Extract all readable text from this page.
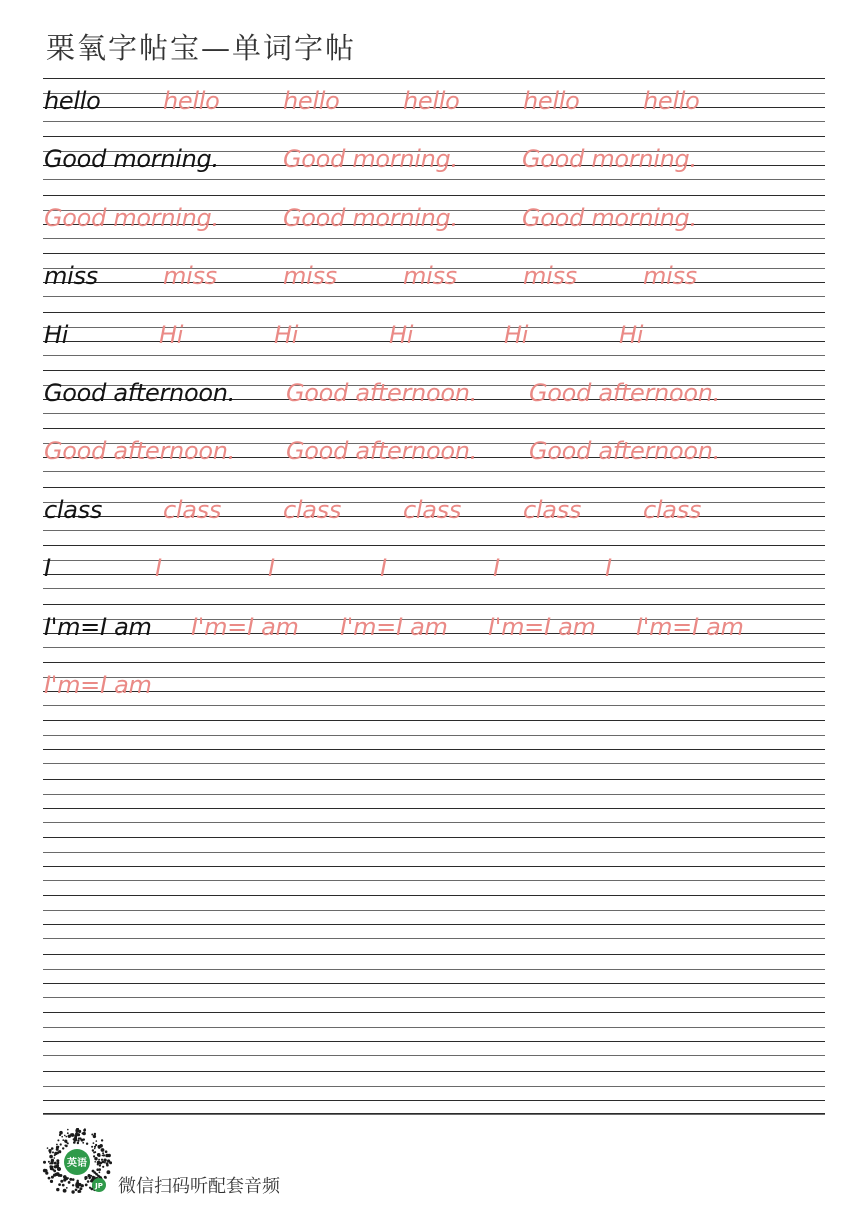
栗氧字帖宝—单词字帖
hello	hello	hello	hello	hello	hello
Good morning.	Good morning.	Good morning.
Good morning.	Good morning.	Good morning.
miss	miss	miss	miss	miss	miss
Hi	Hi	Hi	Hi	Hi	Hi
Good afternoon. Good afternoon. Good afternoon.
Good afternoon. Good afternoon. Good afternoon.
class	class	class	class	class	class
I	I	I	I	I	I
I'm=I am I'm=I am I'm=I am I'm=I am I'm=I am
I'm=I am
英语
JP 微信扫码听配套音频
